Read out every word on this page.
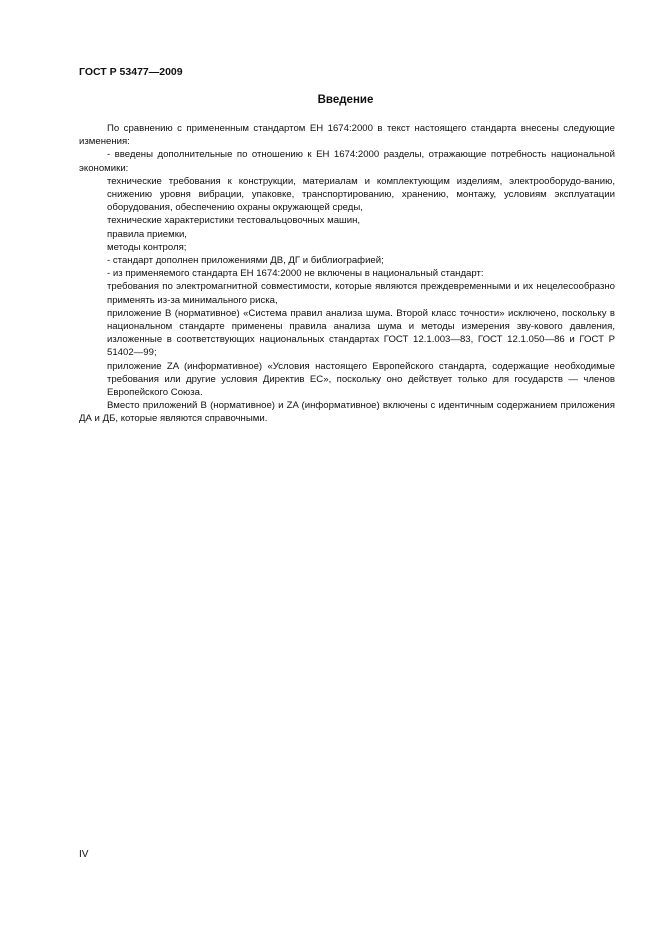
ГОСТ Р 53477—2009
Введение

По сравнению с примененным стандартом ЕН 1674:2000 в текст настоящего стандарта внесены следующие изменения:

- введены дополнительные по отношению к ЕН 1674:2000 разделы, отражающие потребность национальной экономики:

технические требования к конструкции, материалам и комплектующим изделиям, электрооборудо-ванию, снижению уровня вибрации, упаковке, транспортированию, хранению, монтажу, условиям эксплуатации оборудования, обеспечению охраны окружающей среды,

технические характеристики тестовальцовочных машин,

правила приемки,

методы контроля;

- стандарт дополнен приложениями ДВ, ДГ и библиографией;

- из применяемого стандарта ЕН 1674:2000 не включены в национальный стандарт:

требования по электромагнитной совместимости, которые являются преждевременными и их нецелесообразно применять из-за минимального риска,

приложение В (нормативное) «Система правил анализа шума. Второй класс точности» исключено, поскольку в национальном стандарте применены правила анализа шума и методы измерения зву-кового давления, изложенные в соответствующих национальных стандартах ГОСТ 12.1.003—83, ГОСТ 12.1.050—86 и ГОСТ Р 51402—99;

приложение ZA (информативное) «Условия настоящего Европейского стандарта, содержащие необходимые требования или другие условия Директив ЕС», поскольку оно действует только для государств — членов Европейского Союза.

Вместо приложений В (нормативное) и ZA (информативное) включены с идентичным содержанием приложения ДА и ДБ, которые являются справочными.

IV
